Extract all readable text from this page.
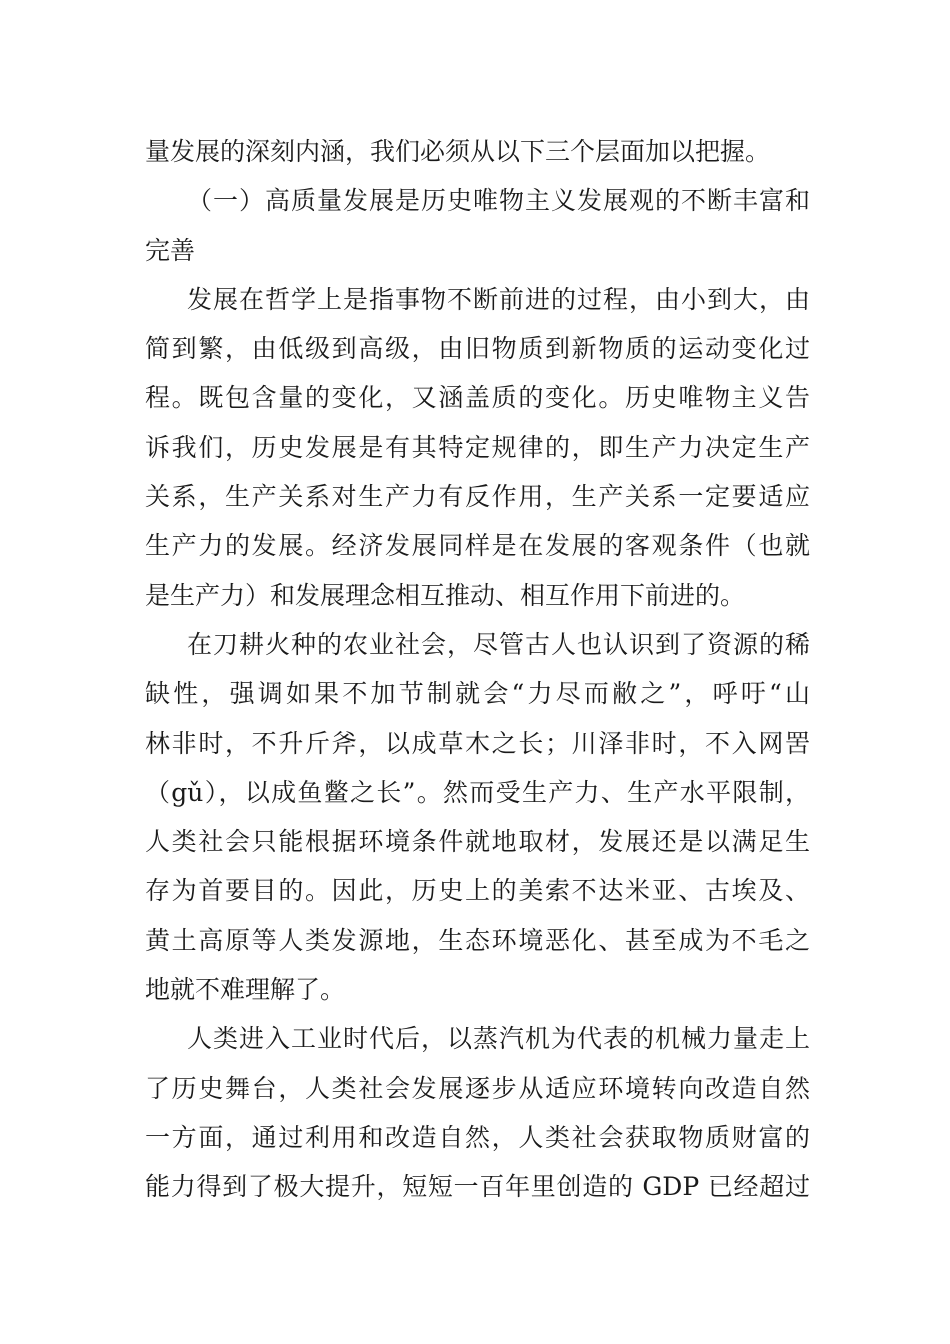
量发展的深刻内涵，我们必须从以下三个层面加以把握。
（一）高质量发展是历史唯物主义发展观的不断丰富和
完善
发展在哲学上是指事物不断前进的过程，由小到大，由
简到繁，由低级到高级，由旧物质到新物质的运动变化过
程。既包含量的变化，又涵盖质的变化。历史唯物主义告
诉我们，历史发展是有其特定规律的，即生产力决定生产
关系，生产关系对生产力有反作用，生产关系一定要适应
生产力的发展。经济发展同样是在发展的客观条件（也就
是生产力）和发展理念相互推动、相互作用下前进的。
在刀耕火种的农业社会，尽管古人也认识到了资源的稀
缺性，强调如果不加节制就会“力尽而敝之”，呼吁“山
林非时，不升斤斧，以成草木之长；川泽非时，不入网罟
（gǔ），以成鱼鳖之长”。然而受生产力、生产水平限制，
人类社会只能根据环境条件就地取材，发展还是以满足生
存为首要目的。因此，历史上的美索不达米亚、古埃及、
黄土高原等人类发源地，生态环境恶化、甚至成为不毛之
地就不难理解了。
人类进入工业时代后，以蒸汽机为代表的机械力量走上
了历史舞台，人类社会发展逐步从适应环境转向改造自然
一方面，通过利用和改造自然，人类社会获取物质财富的
能力得到了极大提升，短短一百年里创造的 GDP 已经超过
